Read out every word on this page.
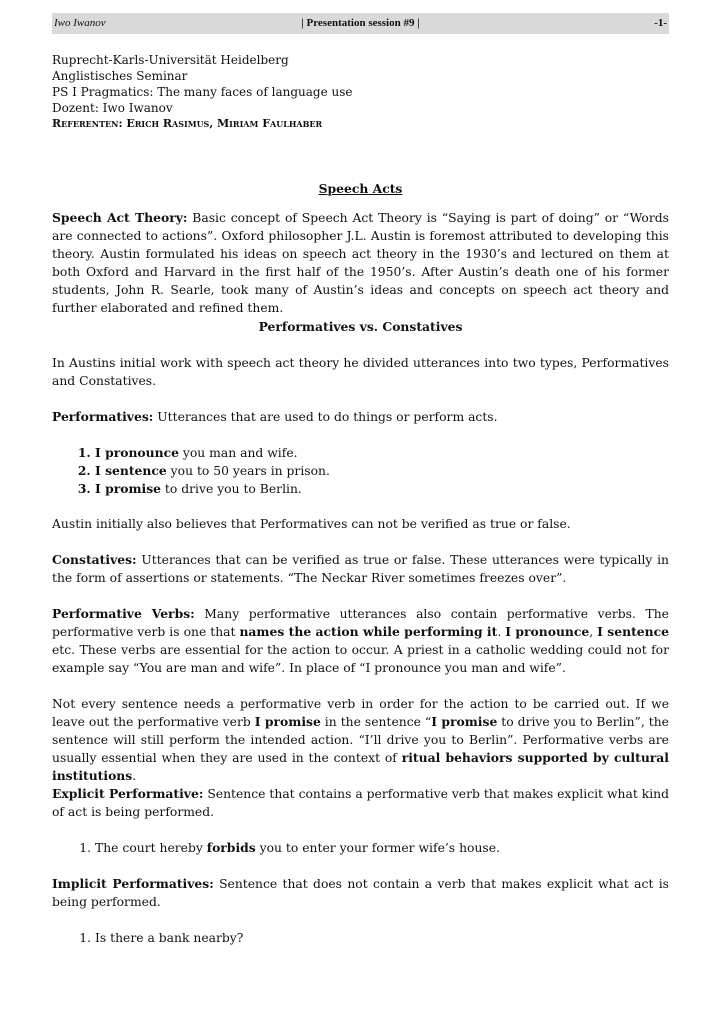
Iwo Iwanov	| Presentation session #9 |	-1-
Ruprecht-Karls-Universität Heidelberg
Anglistisches Seminar
PS I Pragmatics: The many faces of language use
Dozent: Iwo Iwanov
Referenten: Erich Rasimus, Miriam Faulhaber
Speech Acts

Speech Act Theory: Basic concept of Speech Act Theory is “Saying is part of doing” or “Words are connected to actions”. Oxford philosopher J.L. Austin is foremost attributed to developing this theory. Austin formulated his ideas on speech act theory in the 1930’s and lectured on them at both Oxford and Harvard in the first half of the 1950’s. After Austin’s death one of his former students, John R. Searle, took many of Austin’s ideas and concepts on speech act theory and further elaborated and refined them.

Performatives vs. Constatives

In Austins initial work with speech act theory he divided utterances into two types, Performatives and Constatives.

Performatives: Utterances that are used to do things or perform acts.

1. I pronounce you man and wife.
2. I sentence you to 50 years in prison.
3. I promise to drive you to Berlin.

Austin initially also believes that Performatives can not be verified as true or false.

Constatives: Utterances that can be verified as true or false. These utterances were typically in the form of assertions or statements. “The Neckar River sometimes freezes over”.

Performative Verbs: Many performative utterances also contain performative verbs. The performative verb is one that names the action while performing it. I pronounce, I sentence etc. These verbs are essential for the action to occur. A priest in a catholic wedding could not for example say “You are man and wife”. In place of “I pronounce you man and wife”.

Not every sentence needs a performative verb in order for the action to be carried out. If we leave out the performative verb I promise in the sentence “I promise to drive you to Berlin”, the sentence will still perform the intended action. “I’ll drive you to Berlin”. Performative verbs are usually essential when they are used in the context of ritual behaviors supported by cultural institutions.

Explicit Performative: Sentence that contains a performative verb that makes explicit what kind of act is being performed.

1. The court hereby forbids you to enter your former wife’s house.

Implicit Performatives: Sentence that does not contain a verb that makes explicit what act is being performed.

1. Is there a bank nearby?
